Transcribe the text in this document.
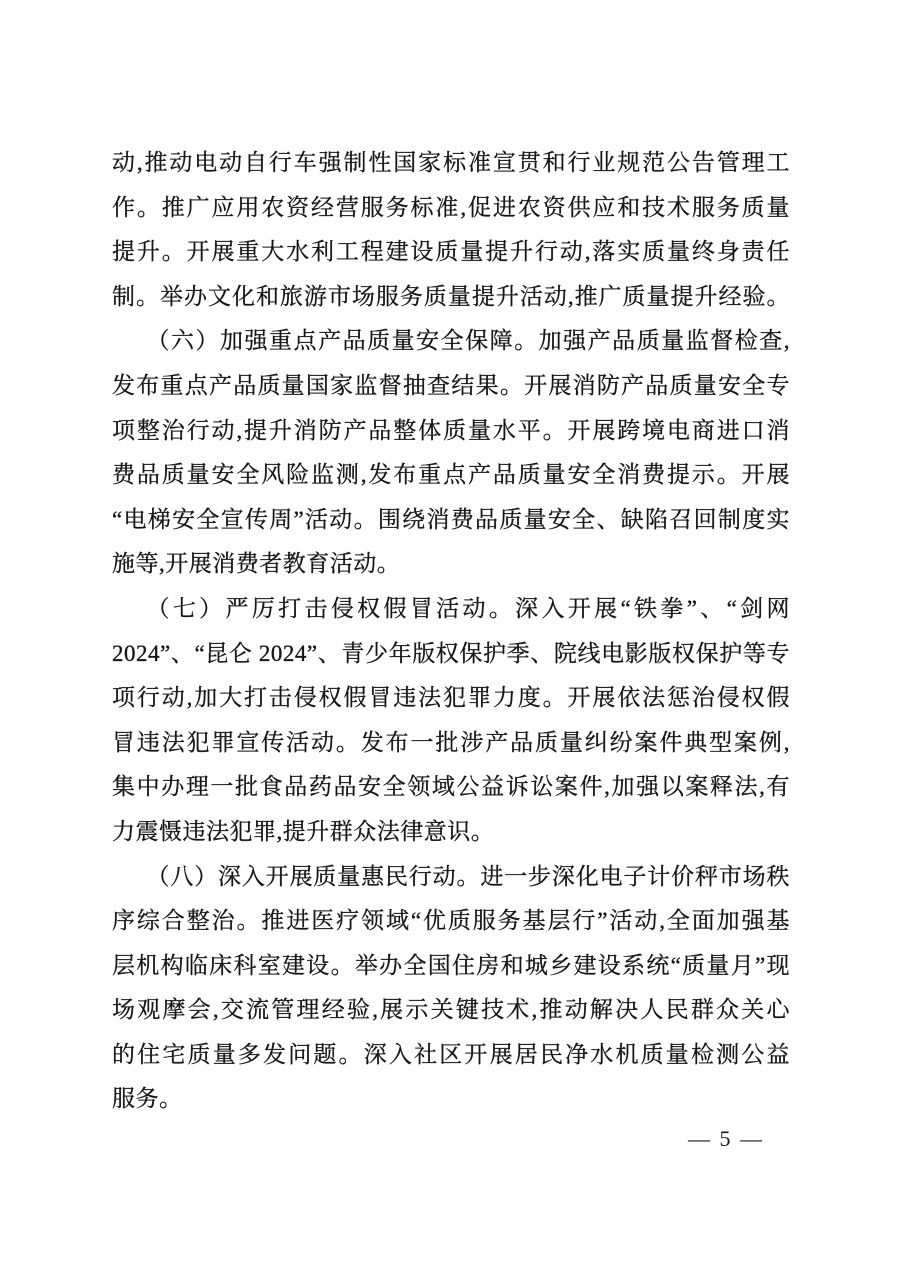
动,推动电动自行车强制性国家标准宣贯和行业规范公告管理工
作。推广应用农资经营服务标准,促进农资供应和技术服务质量
提升。开展重大水利工程建设质量提升行动,落实质量终身责任
制。举办文化和旅游市场服务质量提升活动,推广质量提升经验。
（六）加强重点产品质量安全保障。加强产品质量监督检查,
发布重点产品质量国家监督抽查结果。开展消防产品质量安全专
项整治行动,提升消防产品整体质量水平。开展跨境电商进口消
费品质量安全风险监测,发布重点产品质量安全消费提示。开展
“电梯安全宣传周”活动。围绕消费品质量安全、缺陷召回制度实
施等,开展消费者教育活动。
（七）严厉打击侵权假冒活动。深入开展“铁拳”、“剑网
2024”、“昆仑 2024”、青少年版权保护季、院线电影版权保护等专
项行动,加大打击侵权假冒违法犯罪力度。开展依法惩治侵权假
冒违法犯罪宣传活动。发布一批涉产品质量纠纷案件典型案例,
集中办理一批食品药品安全领域公益诉讼案件,加强以案释法,有
力震慑违法犯罪,提升群众法律意识。
（八）深入开展质量惠民行动。进一步深化电子计价秤市场秩
序综合整治。推进医疗领域“优质服务基层行”活动,全面加强基
层机构临床科室建设。举办全国住房和城乡建设系统“质量月”现
场观摩会,交流管理经验,展示关键技术,推动解决人民群众关心
的住宅质量多发问题。深入社区开展居民净水机质量检测公益
服务。
— 5 —
